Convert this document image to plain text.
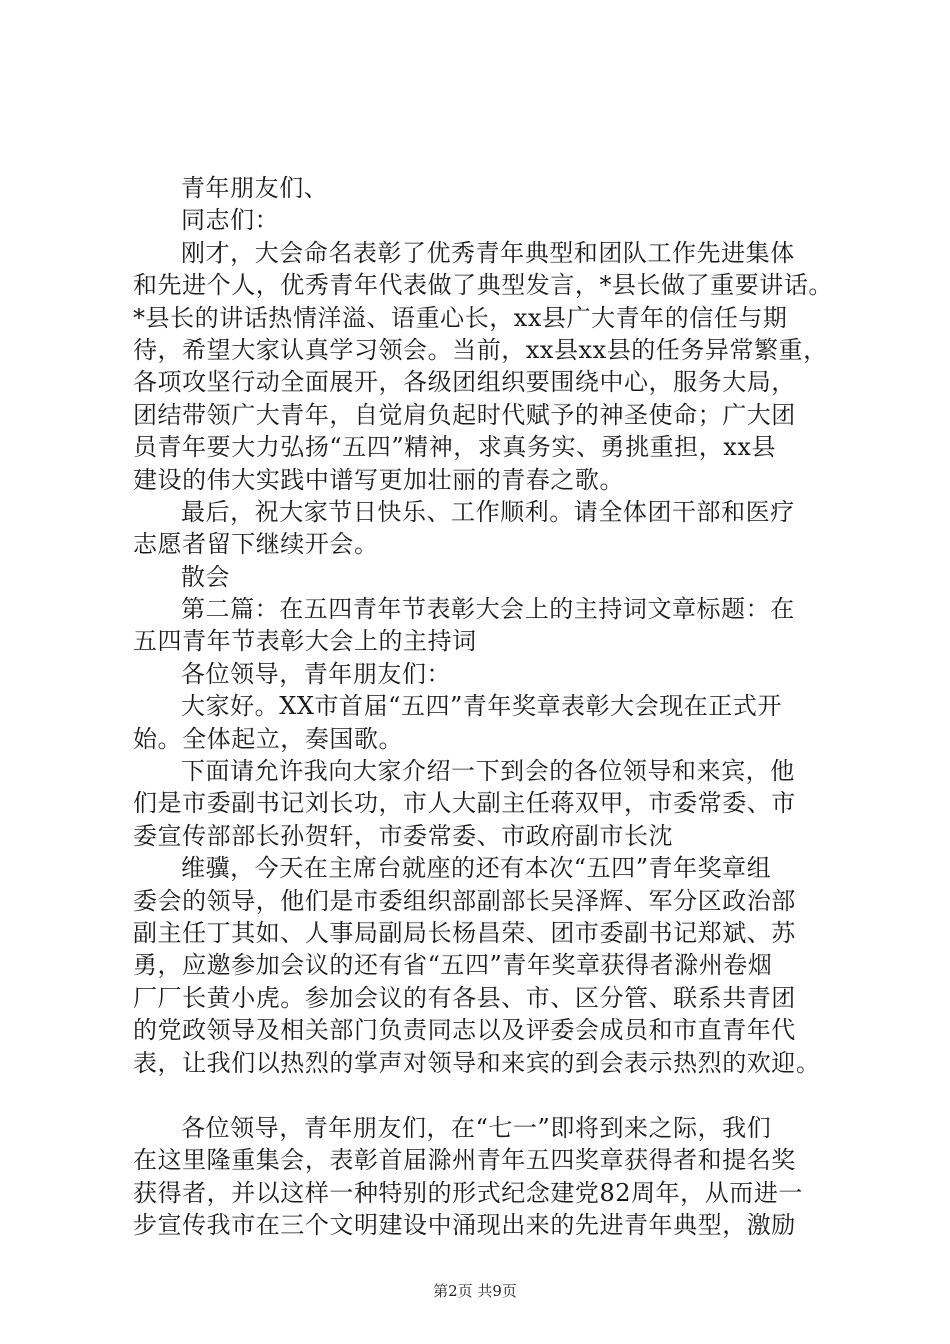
青年朋友们、
同志们：
刚才，大会命名表彰了优秀青年典型和团队工作先进集体
和先进个人，优秀青年代表做了典型发言，*县长做了重要讲话。
*县长的讲话热情洋溢、语重心长，xx县广大青年的信任与期
待，希望大家认真学习领会。当前，xx县xx县的任务异常繁重，
各项攻坚行动全面展开，各级团组织要围绕中心，服务大局，
团结带领广大青年，自觉肩负起时代赋予的神圣使命；广大团
员青年要大力弘扬“五四”精神，求真务实、勇挑重担，xx县
建设的伟大实践中谱写更加壮丽的青春之歌。
最后，祝大家节日快乐、工作顺利。请全体团干部和医疗
志愿者留下继续开会。
散会
第二篇：在五四青年节表彰大会上的主持词文章标题：在
五四青年节表彰大会上的主持词
各位领导，青年朋友们：
大家好。XX市首届“五四”青年奖章表彰大会现在正式开
始。全体起立，奏国歌。
下面请允许我向大家介绍一下到会的各位领导和来宾，他
们是市委副书记刘长功，市人大副主任蒋双甲，市委常委、市
委宣传部部长孙贺轩，市委常委、市政府副市长沈
维骥，今天在主席台就座的还有本次“五四”青年奖章组
委会的领导，他们是市委组织部副部长吴泽辉、军分区政治部
副主任丁其如、人事局副局长杨昌荣、团市委副书记郑斌、苏
勇，应邀参加会议的还有省“五四”青年奖章获得者滁州卷烟
厂厂长黄小虎。参加会议的有各县、市、区分管、联系共青团
的党政领导及相关部门负责同志以及评委会成员和市直青年代
表，让我们以热烈的掌声对领导和来宾的到会表示热烈的欢迎。
各位领导，青年朋友们，在“七一”即将到来之际，我们
在这里隆重集会，表彰首届滁州青年五四奖章获得者和提名奖
获得者，并以这样一种特别的形式纪念建党82周年，从而进一
步宣传我市在三个文明建设中涌现出来的先进青年典型，激励
第2页 共9页
